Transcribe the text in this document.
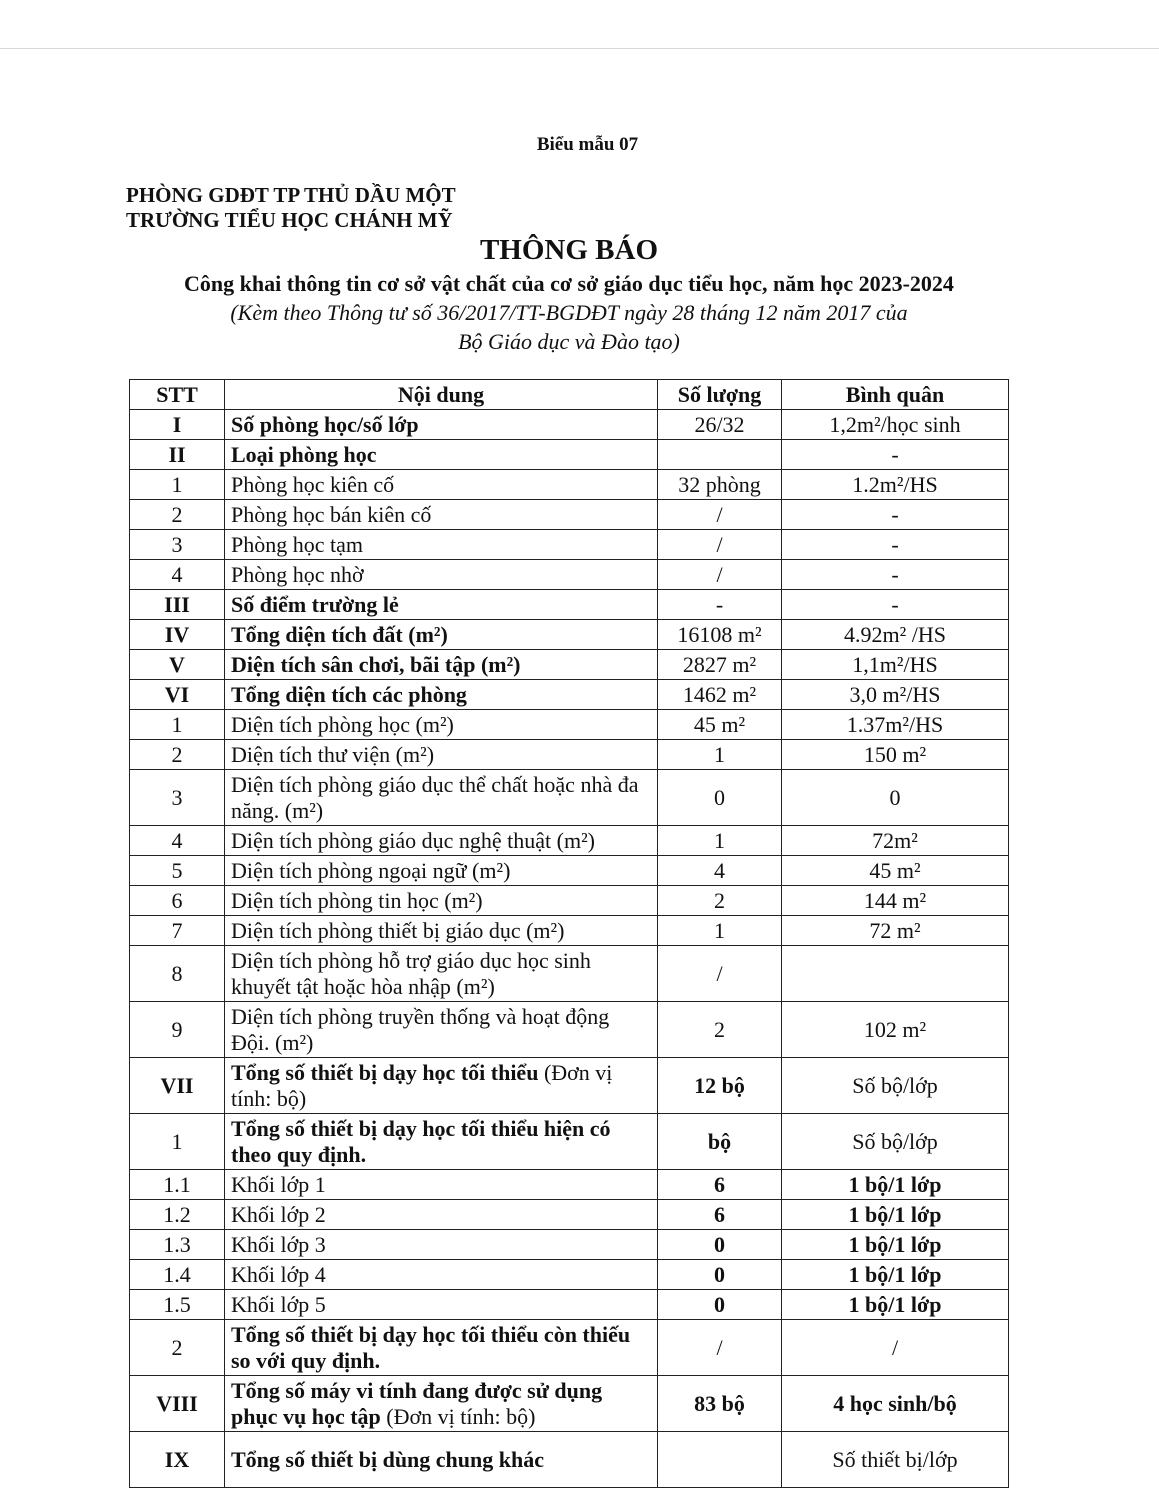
Biểu mẫu 07
PHÒNG GDĐT TP THỦ DẦU MỘT
TRƯỜNG TIỂU HỌC CHÁNH MỸ
THÔNG BÁO
Công khai thông tin cơ sở vật chất của cơ sở giáo dục tiểu học, năm học 2023-2024
(Kèm theo Thông tư số 36/2017/TT-BGDĐT ngày 28 tháng 12 năm 2017 của
Bộ Giáo dục và Đào tạo)
STT	Nội dung	Số lượng	Bình quân
I	Số phòng học/số lớp	26/32	1,2m²/học sinh
II	Loại phòng học		-
1	Phòng học kiên cố	32 phòng	1.2m²/HS
2	Phòng học bán kiên cố	/	-
3	Phòng học tạm	/	-
4	Phòng học nhờ	/	-
III	Số điểm trường lẻ	-	-
IV	Tổng diện tích đất (m²)	16108 m²	4.92m² /HS
V	Diện tích sân chơi, bãi tập (m²)	2827 m²	1,1m²/HS
VI	Tổng diện tích các phòng	1462 m²	3,0 m²/HS
1	Diện tích phòng học (m²)	45 m²	1.37m²/HS
2	Diện tích thư viện (m²)	1	150 m²
3	Diện tích phòng giáo dục thể chất hoặc nhà đa năng. (m²)	0	0
4	Diện tích phòng giáo dục nghệ thuật (m²)	1	72m²
5	Diện tích phòng ngoại ngữ (m²)	4	45 m²
6	Diện tích phòng tin học (m²)	2	144 m²
7	Diện tích phòng thiết bị giáo dục (m²)	1	72 m²
8	Diện tích phòng hỗ trợ giáo dục học sinh khuyết tật hoặc hòa nhập (m²)	/	
9	Diện tích phòng truyền thống và hoạt động Đội. (m²)	2	102 m²
VII	Tổng số thiết bị dạy học tối thiểu (Đơn vị tính: bộ)	12 bộ	Số bộ/lớp
1	Tổng số thiết bị dạy học tối thiểu hiện có theo quy định.	bộ	Số bộ/lớp
1.1	Khối lớp 1	6	1 bộ/1 lớp
1.2	Khối lớp 2	6	1 bộ/1 lớp
1.3	Khối lớp 3	0	1 bộ/1 lớp
1.4	Khối lớp 4	0	1 bộ/1 lớp
1.5	Khối lớp 5	0	1 bộ/1 lớp
2	Tổng số thiết bị dạy học tối thiểu còn thiếu so với quy định.	/	/
VIII	Tổng số máy vi tính đang được sử dụng phục vụ học tập (Đơn vị tính: bộ)	83 bộ	4 học sinh/bộ
IX	Tổng số thiết bị dùng chung khác		Số thiết bị/lớp
